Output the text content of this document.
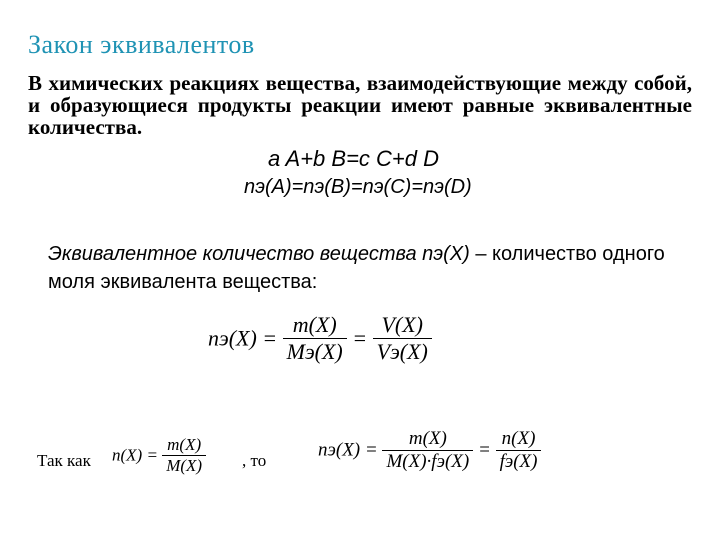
Закон эквивалентов

В химических реакциях вещества, взаимодействующие между собой, и образующиеся продукты реакции имеют равные эквивалентные количества.

a A+b B=c C+d D
nэ(A)=nэ(B)=nэ(C)=nэ(D)

Эквивалентное количество вещества nэ(X) – количество одного моля эквивалента вещества:

$nэ(X) = \frac{m(X)}{Mэ(X)} = \frac{V(X)}{Vэ(X)}$
Так как $n(X) = \frac{m(X)}{M(X)}$ , то	$nэ(X) = \frac{m(X)}{M(X)\cdot fэ(X)} = \frac{n(X)}{fэ(X)}$
